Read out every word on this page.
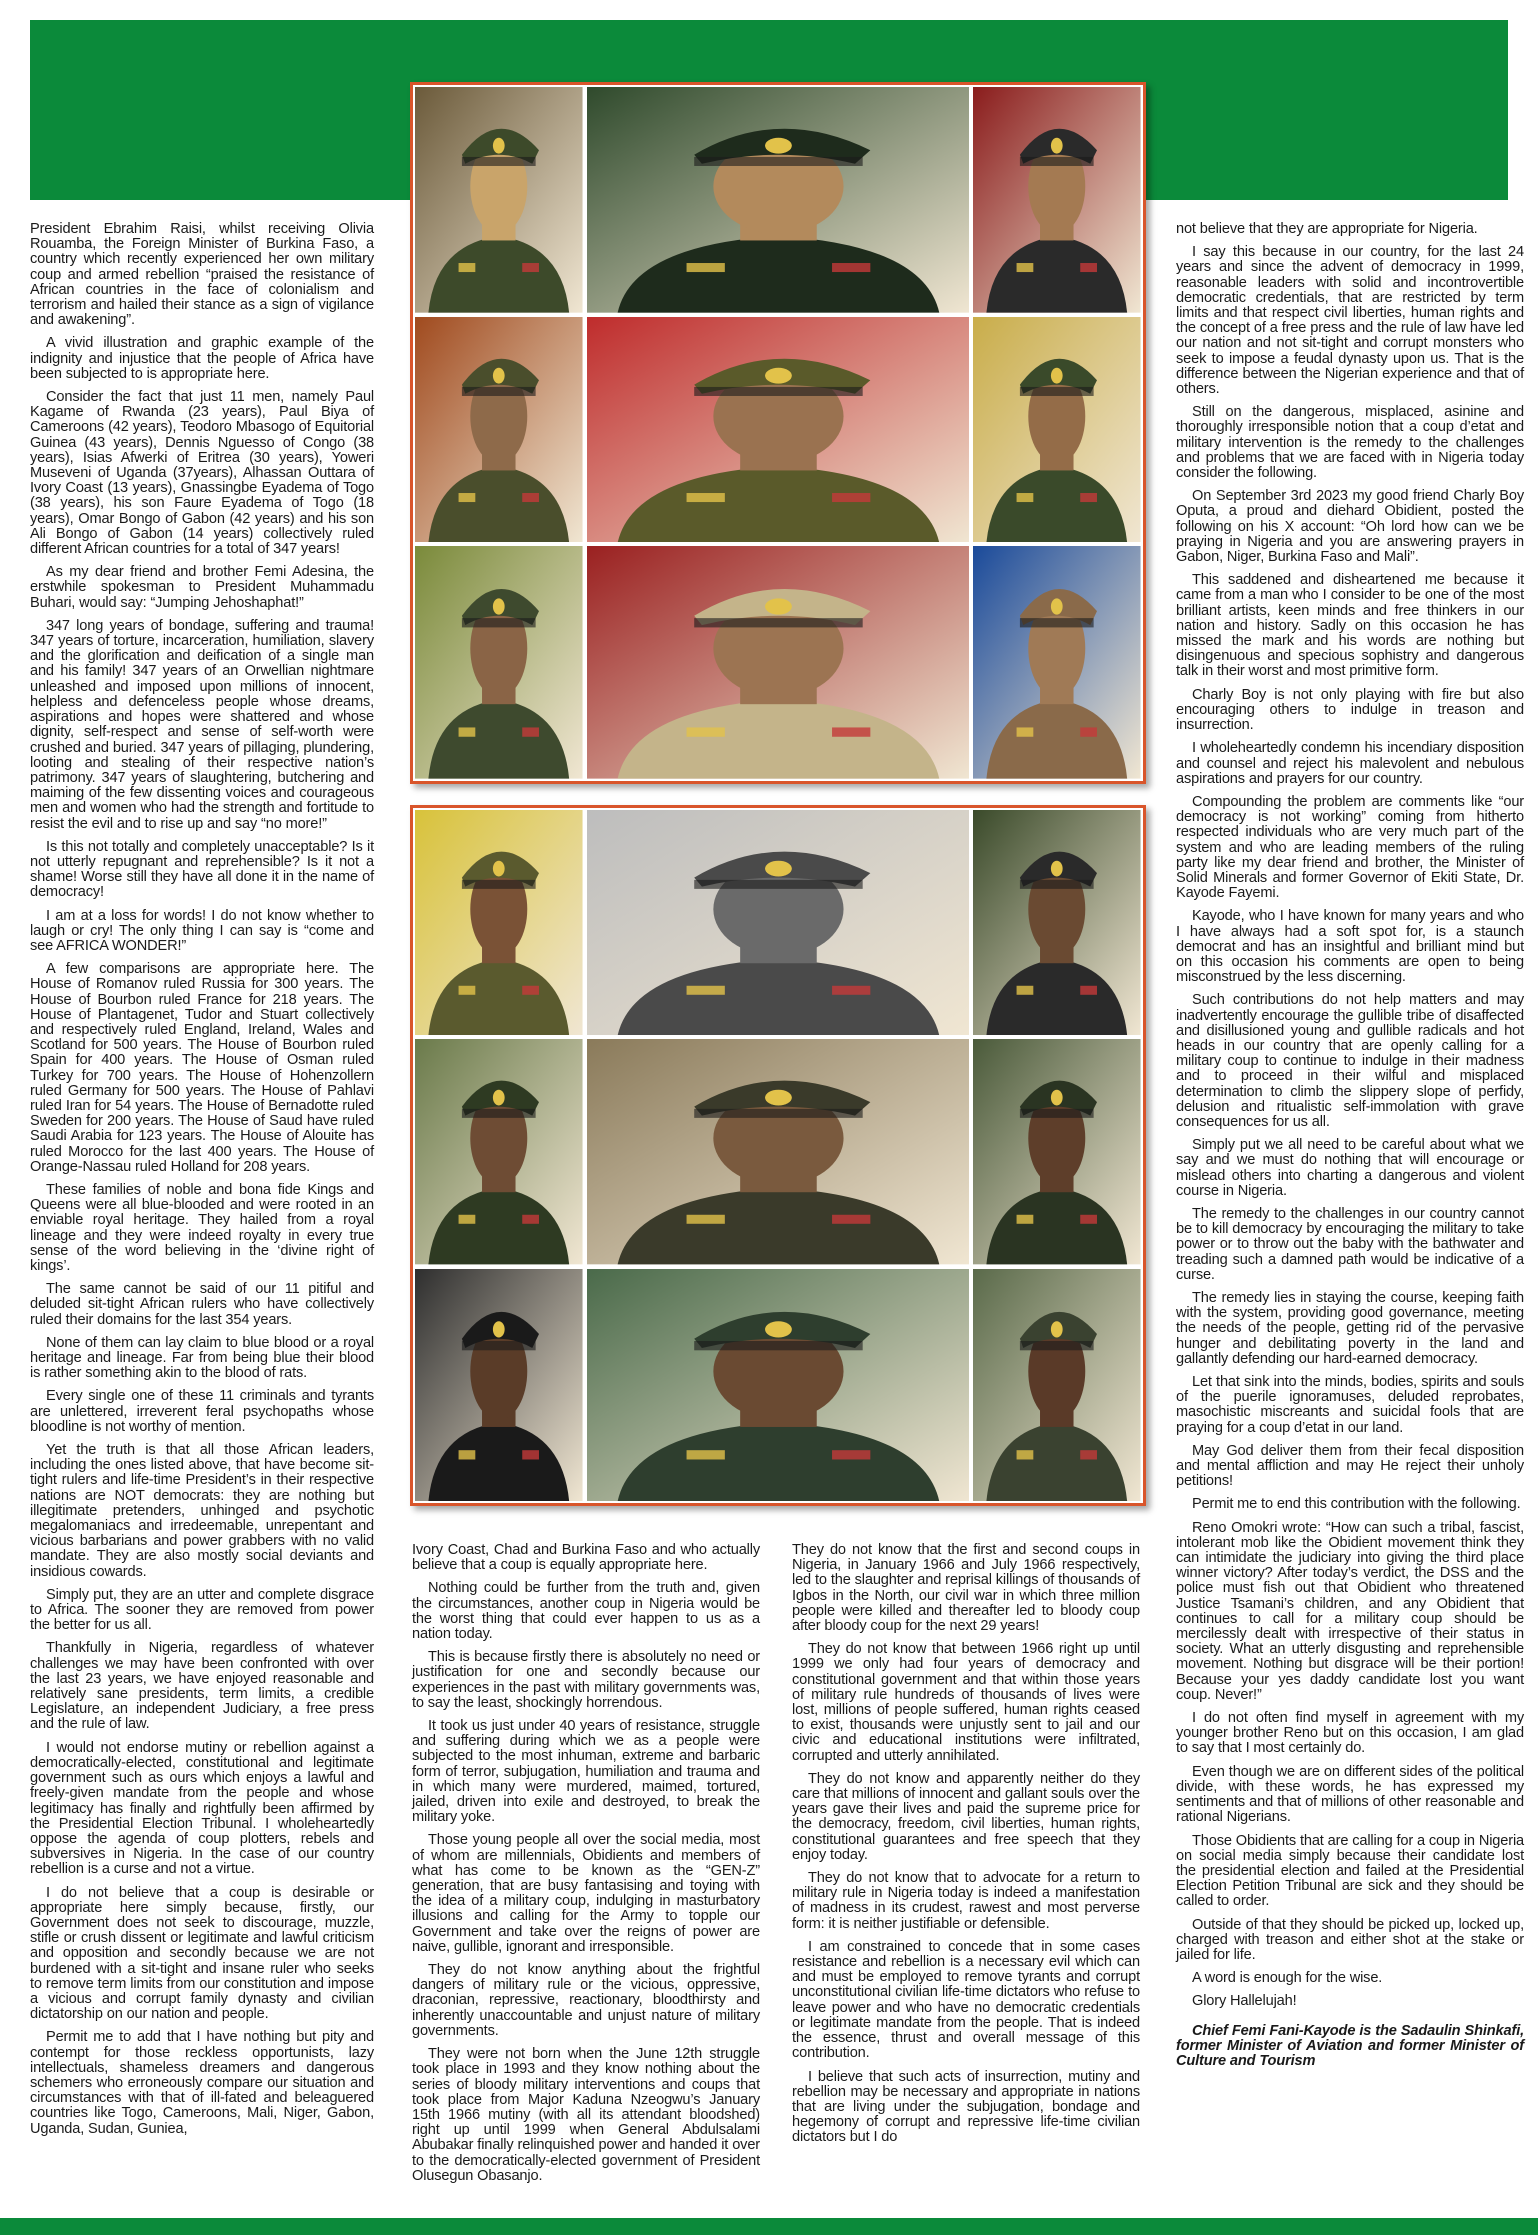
President Ebrahim Raisi, whilst receiving Olivia Rouamba, the Foreign Minister of Burkina Faso, a country which recently experienced her own military coup and armed rebellion “praised the resistance of African countries in the face of colonialism and terrorism and hailed their stance as a sign of vigilance and awakening”.

A vivid illustration and graphic example of the indignity and injustice that the people of Africa have been subjected to is appropriate here.

Consider the fact that just 11 men, namely Paul Kagame of Rwanda (23 years), Paul Biya of Cameroons (42 years), Teodoro Mbasogo of Equitorial Guinea (43 years), Dennis Nguesso of Congo (38 years), Isias Afwerki of Eritrea (30 years), Yoweri Museveni of Uganda (37years), Alhassan Outtara of Ivory Coast (13 years), Gnassingbe Eyadema of Togo (38 years), his son Faure Eyadema of Togo (18 years), Omar Bongo of Gabon (42 years) and his son Ali Bongo of Gabon (14 years) collectively ruled different African countries for a total of 347 years!

As my dear friend and brother Femi Adesina, the erstwhile spokesman to President Muhammadu Buhari, would say: “Jumping Jehoshaphat!”

347 long years of bondage, suffering and trauma! 347 years of torture, incarceration, humiliation, slavery and the glorification and deification of a single man and his family! 347 years of an Orwellian nightmare unleashed and imposed upon millions of innocent, helpless and defenceless people whose dreams, aspirations and hopes were shattered and whose dignity, self-respect and sense of self-worth were crushed and buried. 347 years of pillaging, plundering, looting and stealing of their respective nation’s patrimony. 347 years of slaughtering, butchering and maiming of the few dissenting voices and courageous men and women who had the strength and fortitude to resist the evil and to rise up and say “no more!”

Is this not totally and completely unacceptable? Is it not utterly repugnant and reprehensible? Is it not a shame! Worse still they have all done it in the name of democracy!

I am at a loss for words! I do not know whether to laugh or cry! The only thing I can say is “come and see AFRICA WONDER!”

A few comparisons are appropriate here. The House of Romanov ruled Russia for 300 years. The House of Bourbon ruled France for 218 years. The House of Plantagenet, Tudor and Stuart collectively and respectively ruled England, Ireland, Wales and Scotland for 500 years. The House of Bourbon ruled Spain for 400 years. The House of Osman ruled Turkey for 700 years. The House of Hohenzollern ruled Germany for 500 years. The House of Pahlavi ruled Iran for 54 years. The House of Bernadotte ruled Sweden for 200 years. The House of Saud have ruled Saudi Arabia for 123 years. The House of Alouite has ruled Morocco for the last 400 years. The House of Orange-Nassau ruled Holland for 208 years.

These families of noble and bona fide Kings and Queens were all blue-blooded and were rooted in an enviable royal heritage. They hailed from a royal lineage and they were indeed royalty in every true sense of the word believing in the ‘divine right of kings’.

The same cannot be said of our 11 pitiful and deluded sit-tight African rulers who have collectively ruled their domains for the last 354 years.

None of them can lay claim to blue blood or a royal heritage and lineage. Far from being blue their blood is rather something akin to the blood of rats.

Every single one of these 11 criminals and tyrants are unlettered, irreverent feral psychopaths whose bloodline is not worthy of mention.

Yet the truth is that all those African leaders, including the ones listed above, that have become sit-tight rulers and life-time President’s in their respective nations are NOT democrats: they are nothing but illegitimate pretenders, unhinged and psychotic megalomaniacs and irredeemable, unrepentant and vicious barbarians and power grabbers with no valid mandate. They are also mostly social deviants and insidious cowards.

Simply put, they are an utter and complete disgrace to Africa. The sooner they are removed from power the better for us all.

Thankfully in Nigeria, regardless of whatever challenges we may have been confronted with over the last 23 years, we have enjoyed reasonable and relatively sane presidents, term limits, a credible Legislature, an independent Judiciary, a free press and the rule of law.

I would not endorse mutiny or rebellion against a democratically-elected, constitutional and legitimate government such as ours which enjoys a lawful and freely-given mandate from the people and whose legitimacy has finally and rightfully been affirmed by the Presidential Election Tribunal. I wholeheartedly oppose the agenda of coup plotters, rebels and subversives in Nigeria. In the case of our country rebellion is a curse and not a virtue.

I do not believe that a coup is desirable or appropriate here simply because, firstly, our Government does not seek to discourage, muzzle, stifle or crush dissent or legitimate and lawful criticism and opposition and secondly because we are not burdened with a sit-tight and insane ruler who seeks to remove term limits from our constitution and impose a vicious and corrupt family dynasty and civilian dictatorship on our nation and people.

Permit me to add that I have nothing but pity and contempt for those reckless opportunists, lazy intellectuals, shameless dreamers and dangerous schemers who erroneously compare our situation and circumstances with that of ill-fated and beleaguered countries like Togo, Cameroons, Mali, Niger, Gabon, Uganda, Sudan, Guniea,

Ivory Coast, Chad and Burkina Faso and who actually believe that a coup is equally appropriate here.

Nothing could be further from the truth and, given the circumstances, another coup in Nigeria would be the worst thing that could ever happen to us as a nation today.

This is because firstly there is absolutely no need or justification for one and secondly because our experiences in the past with military governments was, to say the least, shockingly horrendous.

It took us just under 40 years of resistance, struggle and suffering during which we as a people were subjected to the most inhuman, extreme and barbaric form of terror, subjugation, humiliation and trauma and in which many were murdered, maimed, tortured, jailed, driven into exile and destroyed, to break the military yoke.

Those young people all over the social media, most of whom are millennials, Obidients and members of what has come to be known as the “GEN-Z” generation, that are busy fantasising and toying with the idea of a military coup, indulging in masturbatory illusions and calling for the Army to topple our Government and take over the reigns of power are naive, gullible, ignorant and irresponsible.

They do not know anything about the frightful dangers of military rule or the vicious, oppressive, draconian, repressive, reactionary, bloodthirsty and inherently unaccountable and unjust nature of military governments.

They were not born when the June 12th struggle took place in 1993 and they know nothing about the series of bloody military interventions and coups that took place from Major Kaduna Nzeogwu’s January 15th 1966 mutiny (with all its attendant bloodshed) right up until 1999 when General Abdulsalami Abubakar finally relinquished power and handed it over to the democratically-elected government of President Olusegun Obasanjo.

They do not know that the first and second coups in Nigeria, in January 1966 and July 1966 respectively, led to the slaughter and reprisal killings of thousands of Igbos in the North, our civil war in which three million people were killed and thereafter led to bloody coup after bloody coup for the next 29 years!

They do not know that between 1966 right up until 1999 we only had four years of democracy and constitutional government and that within those years of military rule hundreds of thousands of lives were lost, millions of people suffered, human rights ceased to exist, thousands were unjustly sent to jail and our civic and educational institutions were infiltrated, corrupted and utterly annihilated.

They do not know and apparently neither do they care that millions of innocent and gallant souls over the years gave their lives and paid the supreme price for the democracy, freedom, civil liberties, human rights, constitutional guarantees and free speech that they enjoy today.

They do not know that to advocate for a return to military rule in Nigeria today is indeed a manifestation of madness in its crudest, rawest and most perverse form: it is neither justifiable or defensible.

I am constrained to concede that in some cases resistance and rebellion is a necessary evil which can and must be employed to remove tyrants and corrupt unconstitutional civilian life-time dictators who refuse to leave power and who have no democratic credentials or legitimate mandate from the people. That is indeed the essence, thrust and overall message of this contribution.

I believe that such acts of insurrection, mutiny and rebellion may be necessary and appropriate in nations that are living under the subjugation, bondage and hegemony of corrupt and repressive life-time civilian dictators but I do

not believe that they are appropriate for Nigeria.

I say this because in our country, for the last 24 years and since the advent of democracy in 1999, reasonable leaders with solid and incontrovertible democratic credentials, that are restricted by term limits and that respect civil liberties, human rights and the concept of a free press and the rule of law have led our nation and not sit-tight and corrupt monsters who seek to impose a feudal dynasty upon us. That is the difference between the Nigerian experience and that of others.

Still on the dangerous, misplaced, asinine and thoroughly irresponsible notion that a coup d’etat and military intervention is the remedy to the challenges and problems that we are faced with in Nigeria today consider the following.

On September 3rd 2023 my good friend Charly Boy Oputa, a proud and diehard Obidient, posted the following on his X account: “Oh lord how can we be praying in Nigeria and you are answering prayers in Gabon, Niger, Burkina Faso and Mali”.

This saddened and disheartened me because it came from a man who I consider to be one of the most brilliant artists, keen minds and free thinkers in our nation and history. Sadly on this occasion he has missed the mark and his words are nothing but disingenuous and specious sophistry and dangerous talk in their worst and most primitive form.

Charly Boy is not only playing with fire but also encouraging others to indulge in treason and insurrection.

I wholeheartedly condemn his incendiary disposition and counsel and reject his malevolent and nebulous aspirations and prayers for our country.

Compounding the problem are comments like “our democracy is not working” coming from hitherto respected individuals who are very much part of the system and who are leading members of the ruling party like my dear friend and brother, the Minister of Solid Minerals and former Governor of Ekiti State, Dr. Kayode Fayemi.

Kayode, who I have known for many years and who I have always had a soft spot for, is a staunch democrat and has an insightful and brilliant mind but on this occasion his comments are open to being misconstrued by the less discerning.

Such contributions do not help matters and may inadvertently encourage the gullible tribe of disaffected and disillusioned young and gullible radicals and hot heads in our country that are openly calling for a military coup to continue to indulge in their madness and to proceed in their wilful and misplaced determination to climb the slippery slope of perfidy, delusion and ritualistic self-immolation with grave consequences for us all.

Simply put we all need to be careful about what we say and we must do nothing that will encourage or mislead others into charting a dangerous and violent course in Nigeria.

The remedy to the challenges in our country cannot be to kill democracy by encouraging the military to take power or to throw out the baby with the bathwater and treading such a damned path would be indicative of a curse.

The remedy lies in staying the course, keeping faith with the system, providing good governance, meeting the needs of the people, getting rid of the pervasive hunger and debilitating poverty in the land and gallantly defending our hard-earned democracy.

Let that sink into the minds, bodies, spirits and souls of the puerile ignoramuses, deluded reprobates, masochistic miscreants and suicidal fools that are praying for a coup d’etat in our land.

May God deliver them from their fecal disposition and mental affliction and may He reject their unholy petitions!

Permit me to end this contribution with the following.

Reno Omokri wrote: “How can such a tribal, fascist, intolerant mob like the Obidient movement think they can intimidate the judiciary into giving the third place winner victory? After today’s verdict, the DSS and the police must fish out that Obidient who threatened Justice Tsamani’s children, and any Obidient that continues to call for a military coup should be mercilessly dealt with irrespective of their status in society. What an utterly disgusting and reprehensible movement. Nothing but disgrace will be their portion! Because your yes daddy candidate lost you want coup. Never!”

I do not often find myself in agreement with my younger brother Reno but on this occasion, I am glad to say that I most certainly do.

Even though we are on different sides of the political divide, with these words, he has expressed my sentiments and that of millions of other reasonable and rational Nigerians.

Those Obidients that are calling for a coup in Nigeria on social media simply because their candidate lost the presidential election and failed at the Presidential Election Petition Tribunal are sick and they should be called to order.

Outside of that they should be picked up, locked up, charged with treason and either shot at the stake or jailed for life.

A word is enough for the wise.

Glory Hallelujah!

Chief Femi Fani-Kayode is the Sadaulin Shinkafi, former Minister of Aviation and former Minister of Culture and Tourism
